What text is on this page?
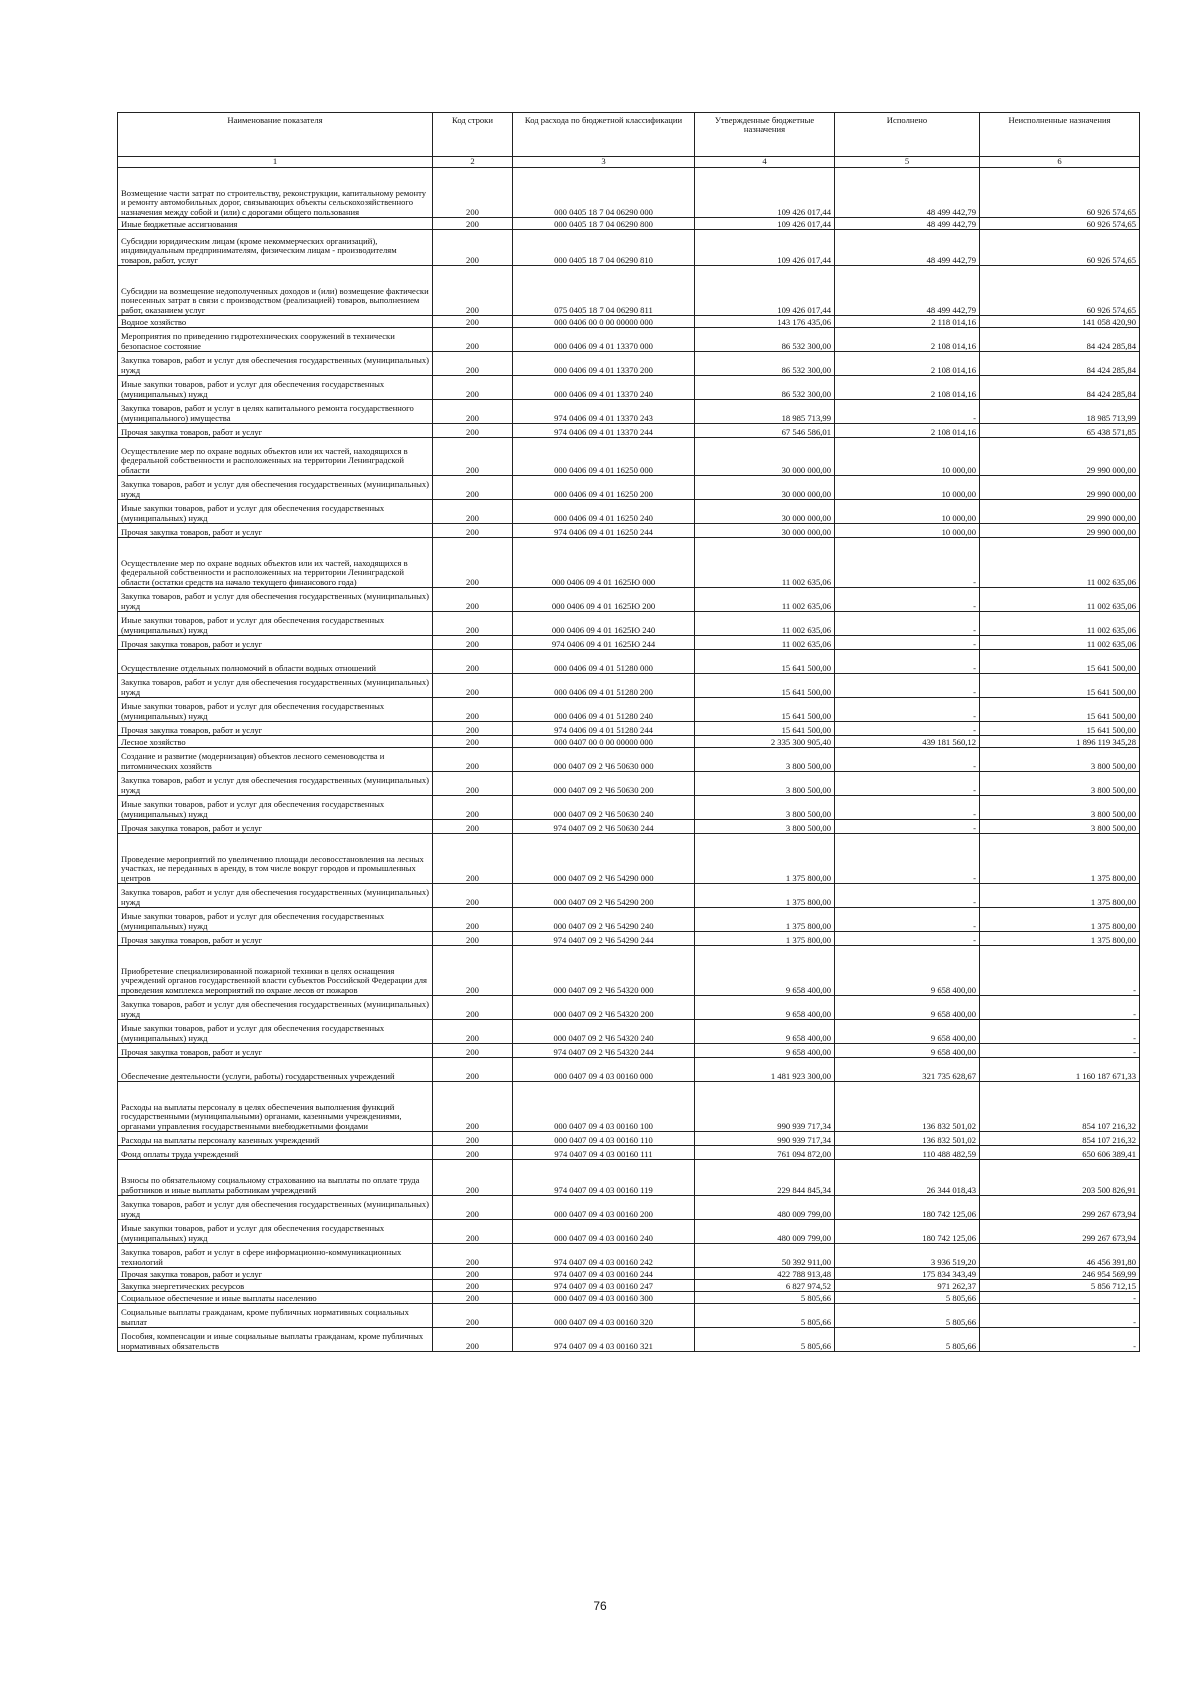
Наименование показателя	Код строки	Код расхода по бюджетной классификации	Утвержденные бюджетные назначения	Исполнено	Неисполненные назначения
1	2	3	4	5	6
Возмещение части затрат по строительству, реконструкции, капитальному ремонту и ремонту автомобильных дорог, связывающих объекты сельскохозяйственного назначения между собой и (или) с дорогами общего пользования	200	000 0405 18 7 04 06290 000	109 426 017,44	48 499 442,79	60 926 574,65
Иные бюджетные ассигнования	200	000 0405 18 7 04 06290 800	109 426 017,44	48 499 442,79	60 926 574,65
Субсидии юридическим лицам (кроме некоммерческих организаций), индивидуальным предпринимателям, физическим лицам - производителям товаров, работ, услуг	200	000 0405 18 7 04 06290 810	109 426 017,44	48 499 442,79	60 926 574,65
Субсидии на возмещение недополученных доходов и (или) возмещение фактически понесенных затрат в связи с производством (реализацией) товаров, выполнением работ, оказанием услуг	200	075 0405 18 7 04 06290 811	109 426 017,44	48 499 442,79	60 926 574,65
Водное хозяйство	200	000 0406 00 0 00 00000 000	143 176 435,06	2 118 014,16	141 058 420,90
Мероприятия по приведению гидротехнических сооружений в технически безопасное состояние	200	000 0406 09 4 01 13370 000	86 532 300,00	2 108 014,16	84 424 285,84
Закупка товаров, работ и услуг для обеспечения государственных (муниципальных) нужд	200	000 0406 09 4 01 13370 200	86 532 300,00	2 108 014,16	84 424 285,84
Иные закупки товаров, работ и услуг для обеспечения государственных (муниципальных) нужд	200	000 0406 09 4 01 13370 240	86 532 300,00	2 108 014,16	84 424 285,84
Закупка товаров, работ и услуг в целях капитального ремонта государственного (муниципального) имущества	200	974 0406 09 4 01 13370 243	18 985 713,99	-	18 985 713,99
Прочая закупка товаров, работ и услуг	200	974 0406 09 4 01 13370 244	67 546 586,01	2 108 014,16	65 438 571,85
Осуществление мер по охране водных объектов или их частей, находящихся в федеральной собственности и расположенных на территории Ленинградской области	200	000 0406 09 4 01 16250 000	30 000 000,00	10 000,00	29 990 000,00
Закупка товаров, работ и услуг для обеспечения государственных (муниципальных) нужд	200	000 0406 09 4 01 16250 200	30 000 000,00	10 000,00	29 990 000,00
Иные закупки товаров, работ и услуг для обеспечения государственных (муниципальных) нужд	200	000 0406 09 4 01 16250 240	30 000 000,00	10 000,00	29 990 000,00
Прочая закупка товаров, работ и услуг	200	974 0406 09 4 01 16250 244	30 000 000,00	10 000,00	29 990 000,00
Осуществление мер по охране водных объектов или их частей, находящихся в федеральной собственности и расположенных на территории Ленинградской области (остатки средств на начало текущего финансового года)	200	000 0406 09 4 01 1625Ю 000	11 002 635,06	-	11 002 635,06
Закупка товаров, работ и услуг для обеспечения государственных (муниципальных) нужд	200	000 0406 09 4 01 1625Ю 200	11 002 635,06	-	11 002 635,06
Иные закупки товаров, работ и услуг для обеспечения государственных (муниципальных) нужд	200	000 0406 09 4 01 1625Ю 240	11 002 635,06	-	11 002 635,06
Прочая закупка товаров, работ и услуг	200	974 0406 09 4 01 1625Ю 244	11 002 635,06	-	11 002 635,06
Осуществление отдельных полномочий в области водных отношений	200	000 0406 09 4 01 51280 000	15 641 500,00	-	15 641 500,00
Закупка товаров, работ и услуг для обеспечения государственных (муниципальных) нужд	200	000 0406 09 4 01 51280 200	15 641 500,00	-	15 641 500,00
Иные закупки товаров, работ и услуг для обеспечения государственных (муниципальных) нужд	200	000 0406 09 4 01 51280 240	15 641 500,00	-	15 641 500,00
Прочая закупка товаров, работ и услуг	200	974 0406 09 4 01 51280 244	15 641 500,00	-	15 641 500,00
Лесное хозяйство	200	000 0407 00 0 00 00000 000	2 335 300 905,40	439 181 560,12	1 896 119 345,28
Создание и развитие (модернизация) объектов лесного семеноводства и питомнических хозяйств	200	000 0407 09 2 Ч6 50630 000	3 800 500,00	-	3 800 500,00
Закупка товаров, работ и услуг для обеспечения государственных (муниципальных) нужд	200	000 0407 09 2 Ч6 50630 200	3 800 500,00	-	3 800 500,00
Иные закупки товаров, работ и услуг для обеспечения государственных (муниципальных) нужд	200	000 0407 09 2 Ч6 50630 240	3 800 500,00	-	3 800 500,00
Прочая закупка товаров, работ и услуг	200	974 0407 09 2 Ч6 50630 244	3 800 500,00	-	3 800 500,00
Проведение мероприятий по увеличению площади лесовосстановления на лесных участках, не переданных в аренду, в том числе вокруг городов и промышленных центров	200	000 0407 09 2 Ч6 54290 000	1 375 800,00	-	1 375 800,00
Закупка товаров, работ и услуг для обеспечения государственных (муниципальных) нужд	200	000 0407 09 2 Ч6 54290 200	1 375 800,00	-	1 375 800,00
Иные закупки товаров, работ и услуг для обеспечения государственных (муниципальных) нужд	200	000 0407 09 2 Ч6 54290 240	1 375 800,00	-	1 375 800,00
Прочая закупка товаров, работ и услуг	200	974 0407 09 2 Ч6 54290 244	1 375 800,00	-	1 375 800,00
Приобретение специализированной пожарной техники в целях оснащения учреждений органов государственной власти субъектов Российской Федерации для проведения комплекса мероприятий по охране лесов от пожаров	200	000 0407 09 2 Ч6 54320 000	9 658 400,00	9 658 400,00	-
Закупка товаров, работ и услуг для обеспечения государственных (муниципальных) нужд	200	000 0407 09 2 Ч6 54320 200	9 658 400,00	9 658 400,00	-
Иные закупки товаров, работ и услуг для обеспечения государственных (муниципальных) нужд	200	000 0407 09 2 Ч6 54320 240	9 658 400,00	9 658 400,00	-
Прочая закупка товаров, работ и услуг	200	974 0407 09 2 Ч6 54320 244	9 658 400,00	9 658 400,00	-
Обеспечение деятельности (услуги, работы) государственных учреждений	200	000 0407 09 4 03 00160 000	1 481 923 300,00	321 735 628,67	1 160 187 671,33
Расходы на выплаты персоналу в целях обеспечения выполнения функций государственными (муниципальными) органами, казенными учреждениями, органами управления государственными внебюджетными фондами	200	000 0407 09 4 03 00160 100	990 939 717,34	136 832 501,02	854 107 216,32
Расходы на выплаты персоналу казенных учреждений	200	000 0407 09 4 03 00160 110	990 939 717,34	136 832 501,02	854 107 216,32
Фонд оплаты труда учреждений	200	974 0407 09 4 03 00160 111	761 094 872,00	110 488 482,59	650 606 389,41
Взносы по обязательному социальному страхованию на выплаты по оплате труда работников и иные выплаты работникам учреждений	200	974 0407 09 4 03 00160 119	229 844 845,34	26 344 018,43	203 500 826,91
Закупка товаров, работ и услуг для обеспечения государственных (муниципальных) нужд	200	000 0407 09 4 03 00160 200	480 009 799,00	180 742 125,06	299 267 673,94
Иные закупки товаров, работ и услуг для обеспечения государственных (муниципальных) нужд	200	000 0407 09 4 03 00160 240	480 009 799,00	180 742 125,06	299 267 673,94
Закупка товаров, работ и услуг в сфере информационно-коммуникационных технологий	200	974 0407 09 4 03 00160 242	50 392 911,00	3 936 519,20	46 456 391,80
Прочая закупка товаров, работ и услуг	200	974 0407 09 4 03 00160 244	422 788 913,48	175 834 343,49	246 954 569,99
Закупка энергетических ресурсов	200	974 0407 09 4 03 00160 247	6 827 974,52	971 262,37	5 856 712,15
Социальное обеспечение и иные выплаты населению	200	000 0407 09 4 03 00160 300	5 805,66	5 805,66	-
Социальные выплаты гражданам, кроме публичных нормативных социальных выплат	200	000 0407 09 4 03 00160 320	5 805,66	5 805,66	-
Пособия, компенсации и иные социальные выплаты гражданам, кроме публичных нормативных обязательств	200	974 0407 09 4 03 00160 321	5 805,66	5 805,66	-
76
